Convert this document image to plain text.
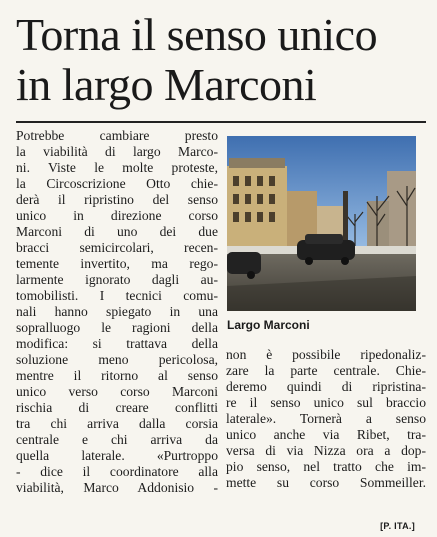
Torna il senso unico
in largo Marconi
Potrebbe cambiare presto
la viabilità di largo Marco-
ni. Viste le molte proteste,
la Circoscrizione Otto chie-
derà il ripristino del senso
unico in direzione corso
Marconi di uno dei due
bracci semicircolari, recen-
temente invertito, ma rego-
larmente ignorato dagli au-
tomobilisti. I tecnici comu-
nali hanno spiegato in una
sopralluogo le ragioni della
modifica: si trattava della
soluzione meno pericolosa,
mentre il ritorno al senso
unico verso corso Marconi
rischia di creare conflitti
tra chi arriva dalla corsia
centrale e chi arriva da
quella laterale. «Purtroppo
- dice il coordinatore alla
viabilità, Marco Addonisio -
Largo Marconi
non è possibile ripedonaliz-
zare la parte centrale. Chie-
deremo quindi di ripristina-
re il senso unico sul braccio
laterale». Tornerà a senso
unico anche via Ribet, tra-
versa di via Nizza ora a dop-
pio senso, nel tratto che im-
mette su corso Sommeiller.
[P. ITA.]
